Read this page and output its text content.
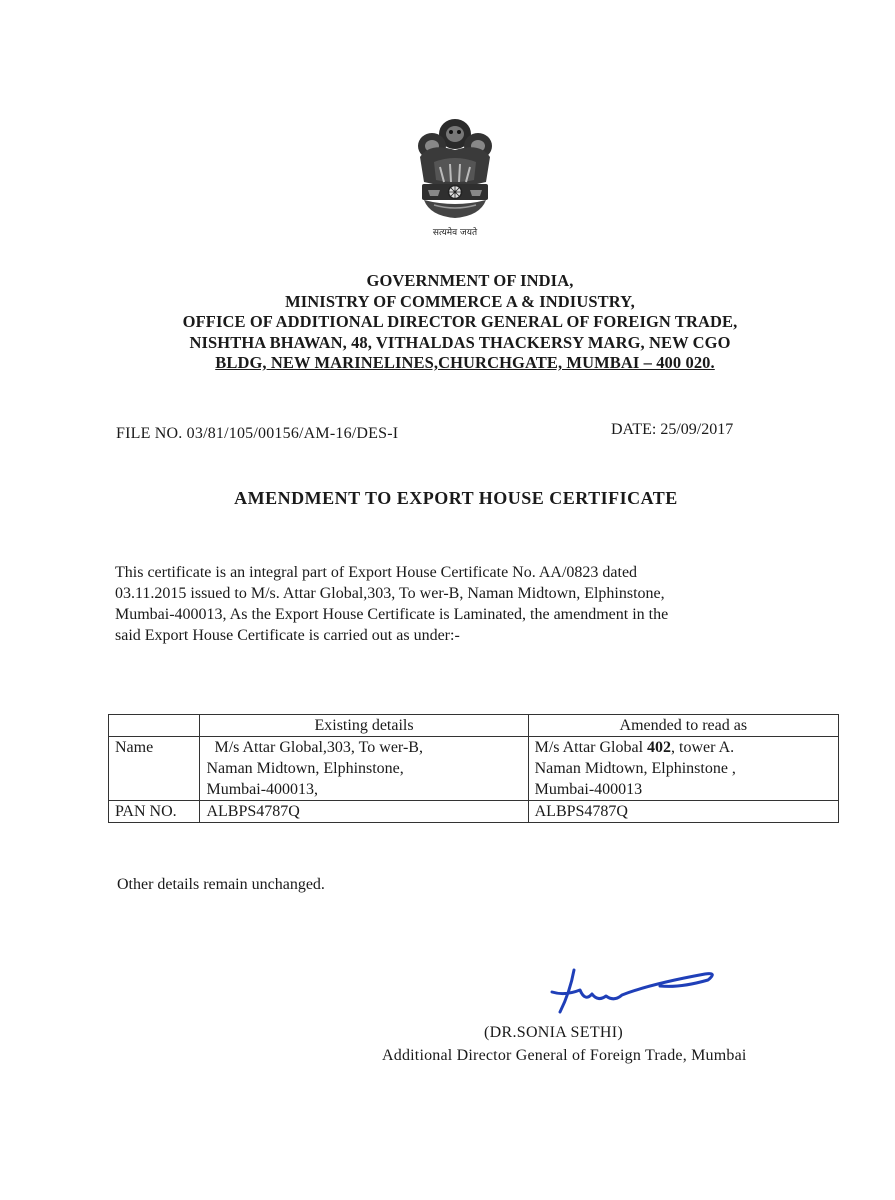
सत्यमेव जयते
GOVERNMENT OF INDIA,
MINISTRY OF COMMERCE A & INDIUSTRY,
OFFICE OF ADDITIONAL DIRECTOR GENERAL OF FOREIGN TRADE,
NISHTHA BHAWAN, 48, VITHALDAS THACKERSY MARG, NEW CGO
BLDG, NEW MARINELINES,CHURCHGATE, MUMBAI – 400 020.
FILE NO. 03/81/105/00156/AM-16/DES-I	DATE: 25/09/2017
AMENDMENT TO EXPORT HOUSE CERTIFICATE
This certificate is an integral part of Export House Certificate No. AA/0823 dated
03.11.2015 issued to M/s. Attar Global,303, To wer-B, Naman Midtown, Elphinstone,
Mumbai-400013, As the Export House Certificate is Laminated, the amendment in the
said Export House Certificate is carried out as under:-
	Existing details	Amended to read as
Name	M/s Attar Global,303, To wer-B,
Naman Midtown, Elphinstone,
Mumbai-400013,	M/s Attar Global 402, tower A.
Naman Midtown, Elphinstone ,
Mumbai-400013

PAN NO.	ALBPS4787Q	ALBPS4787Q
Other details remain unchanged.
(DR.SONIA SETHI)
Additional Director General of Foreign Trade, Mumbai
